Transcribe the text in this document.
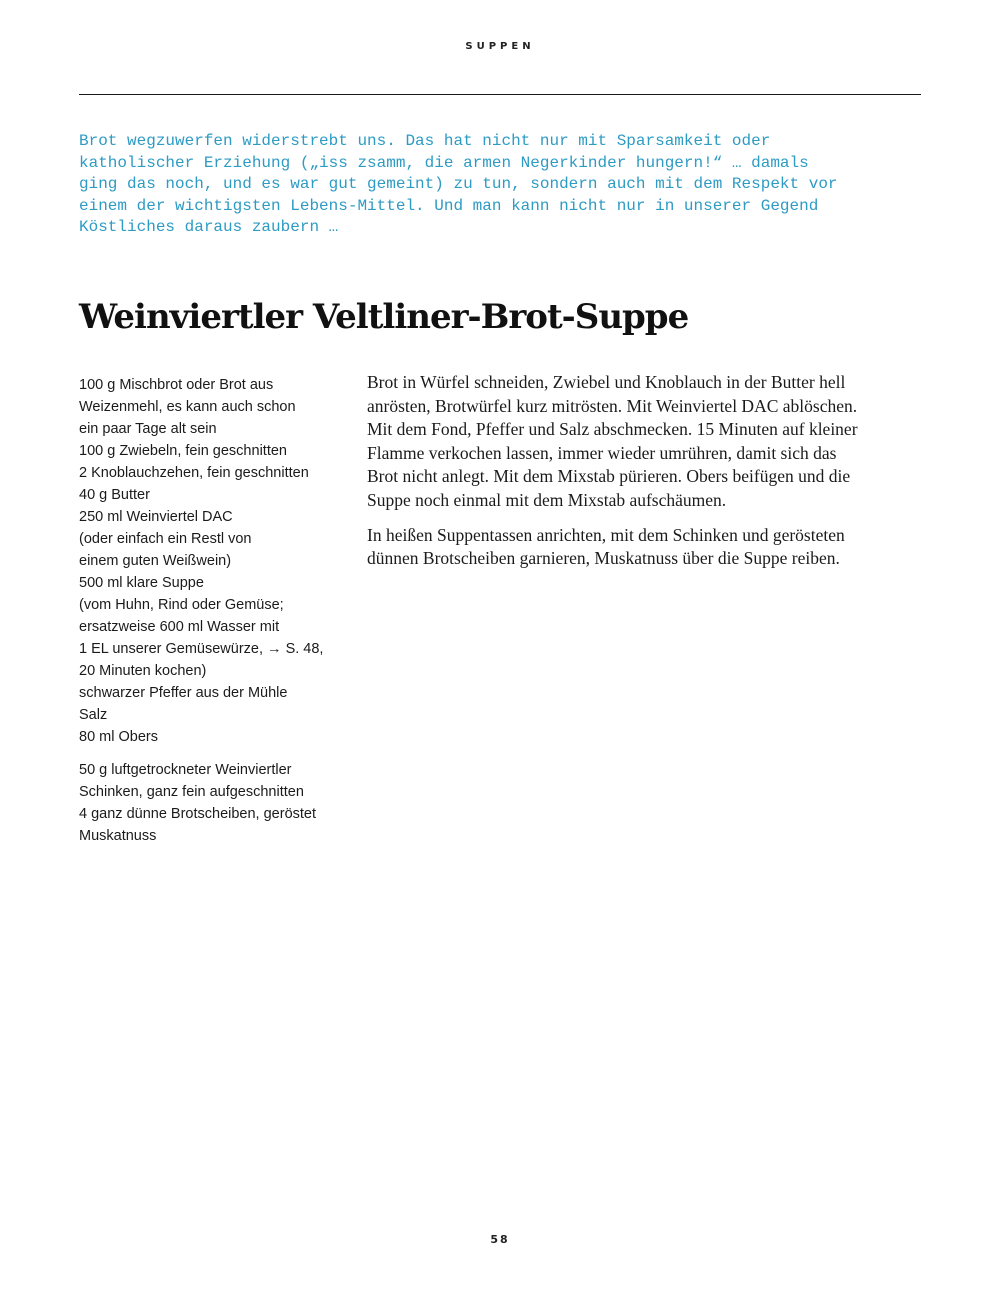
SUPPEN
Brot wegzuwerfen widerstrebt uns. Das hat nicht nur mit Sparsamkeit oder
katholischer Erziehung („iss zsamm, die armen Negerkinder hungern!“ … damals
ging das noch, und es war gut gemeint) zu tun, sondern auch mit dem Respekt vor
einem der wichtigsten Lebens-Mittel. Und man kann nicht nur in unserer Gegend
Köstliches daraus zaubern …
Weinviertler Veltliner-Brot-Suppe
100 g Mischbrot oder Brot aus
Weizenmehl, es kann auch schon
ein paar Tage alt sein
100 g Zwiebeln, fein geschnitten
2 Knoblauchzehen, fein geschnitten
40 g Butter
250 ml Weinviertel DAC
(oder einfach ein Restl von
einem guten Weißwein)
500 ml klare Suppe
(vom Huhn, Rind oder Gemüse;
ersatzweise 600 ml Wasser mit
1 EL unserer Gemüsewürze, → S. 48,
20 Minuten kochen)
schwarzer Pfeffer aus der Mühle
Salz
80 ml Obers
50 g luftgetrockneter Weinviertler
Schinken, ganz fein aufgeschnitten
4 ganz dünne Brotscheiben, geröstet
Muskatnuss

Brot in Würfel schneiden, Zwiebel und Knoblauch in der Butter hell
anrösten, Brotwürfel kurz mitrösten. Mit Weinviertel DAC ablöschen.
Mit dem Fond, Pfeffer und Salz abschmecken. 15 Minuten auf kleiner
Flamme verkochen lassen, immer wieder umrühren, damit sich das
Brot nicht anlegt. Mit dem Mixstab pürieren. Obers beifügen und die
Suppe noch einmal mit dem Mixstab aufschäumen.

In heißen Suppentassen anrichten, mit dem Schinken und gerösteten
dünnen Brotscheiben garnieren, Muskatnuss über die Suppe reiben.

58
